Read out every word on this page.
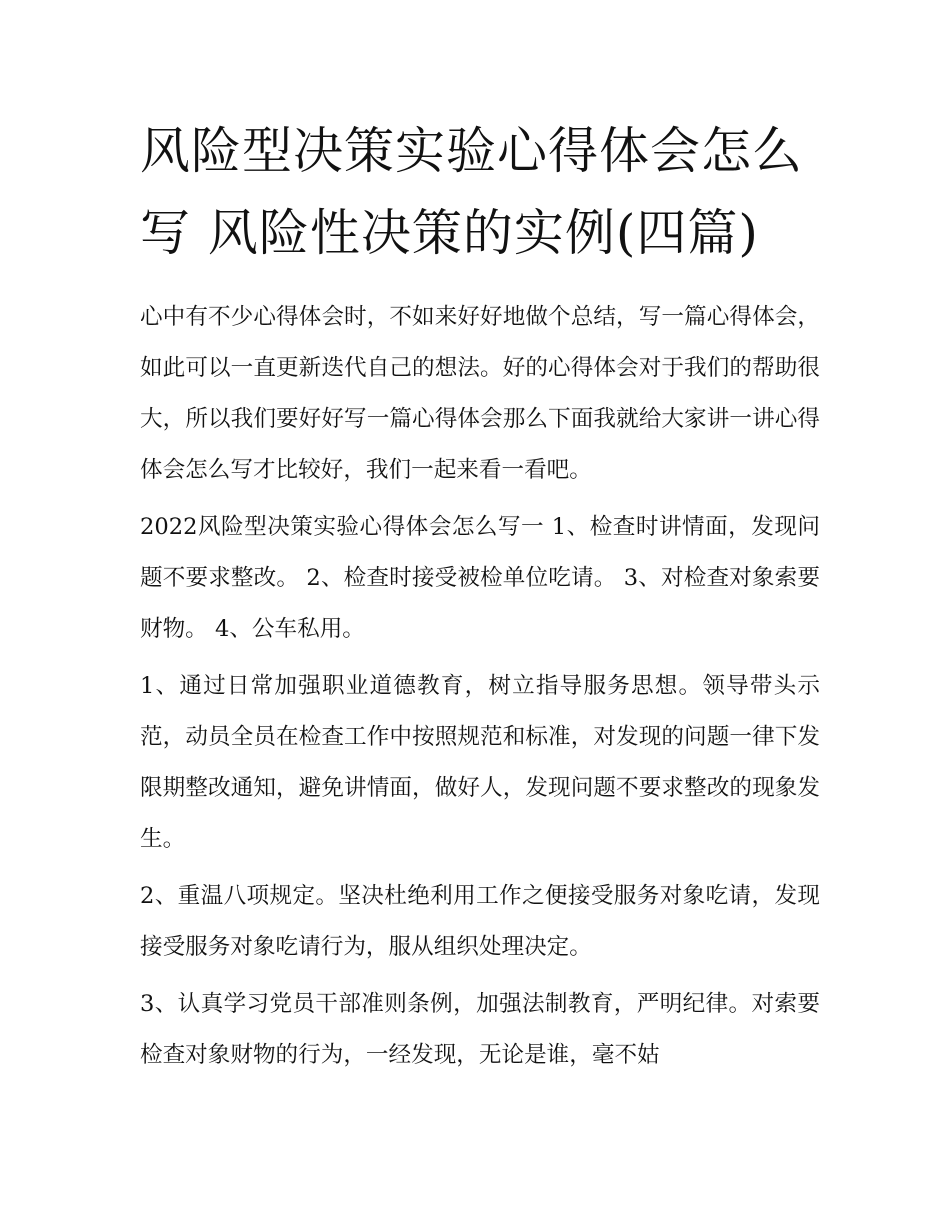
风险型决策实验心得体会怎么
写 风险性决策的实例(四篇)

心中有不少心得体会时，不如来好好地做个总结，写一篇心得体会，如此可以一直更新迭代自己的想法。好的心得体会对于我们的帮助很大，所以我们要好好写一篇心得体会那么下面我就给大家讲一讲心得体会怎么写才比较好，我们一起来看一看吧。

2022风险型决策实验心得体会怎么写一 1、检查时讲情面，发现问题不要求整改。 2、检查时接受被检单位吃请。 3、对检查对象索要财物。 4、公车私用。

1、通过日常加强职业道德教育，树立指导服务思想。领导带头示范，动员全员在检查工作中按照规范和标准，对发现的问题一律下发限期整改通知，避免讲情面，做好人，发现问题不要求整改的现象发生。

2、重温八项规定。坚决杜绝利用工作之便接受服务对象吃请，发现接受服务对象吃请行为，服从组织处理决定。

3、认真学习党员干部准则条例，加强法制教育，严明纪律。对索要检查对象财物的行为，一经发现，无论是谁，毫不姑
